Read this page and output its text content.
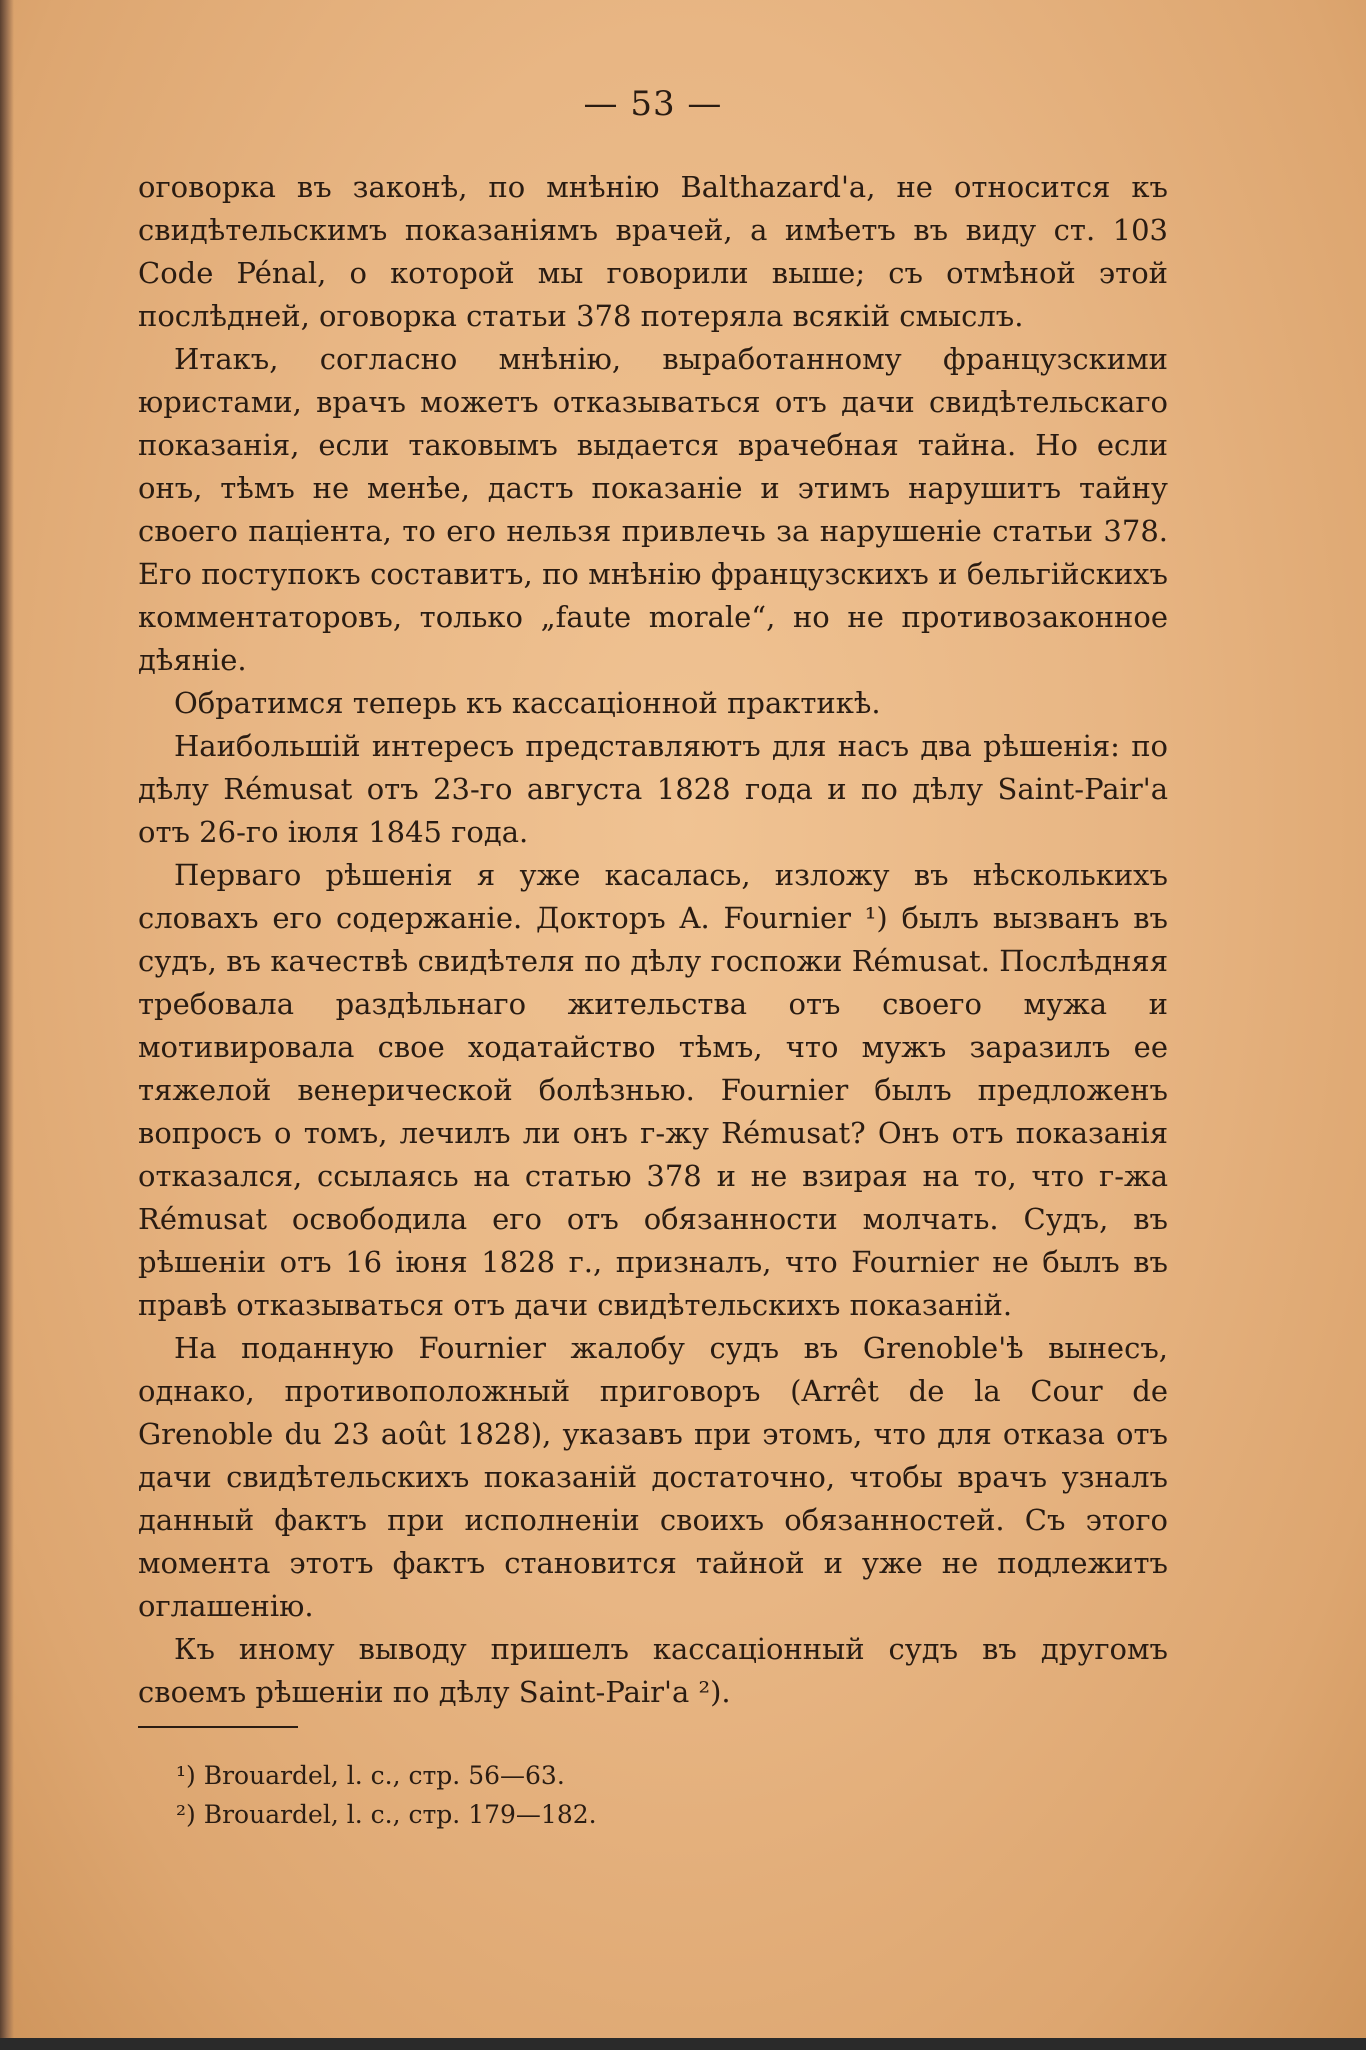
— 53 —

оговорка въ законѣ, по мнѣнію Balthazard'а, не относится къ свидѣтельскимъ показаніямъ врачей, а имѣетъ въ виду ст. 103 Code Pénal, о которой мы говорили выше; съ отмѣной этой послѣдней, оговорка статьи 378 потеряла всякій смыслъ.

Итакъ, согласно мнѣнію, выработанному французскими юристами, врачъ можетъ отказываться отъ дачи свидѣтельскаго показанія, если таковымъ выдается врачебная тайна. Но если онъ, тѣмъ не менѣе, дастъ показаніе и этимъ нарушитъ тайну своего паціента, то его нельзя привлечь за нарушеніе статьи 378. Его поступокъ составитъ, по мнѣнію французскихъ и бельгійскихъ комментаторовъ, только „faute morale“, но не противозаконное дѣяніе.

Обратимся теперь къ кассаціонной практикѣ.

Наибольшій интересъ представляютъ для насъ два рѣшенія: по дѣлу Rémusat отъ 23-го августа 1828 года и по дѣлу Saint-Pair'а отъ 26-го іюля 1845 года.

Перваго рѣшенія я уже касалась, изложу въ нѣсколькихъ словахъ его содержаніе. Докторъ A. Fournier ¹) былъ вызванъ въ судъ, въ качествѣ свидѣтеля по дѣлу госпожи Rémusat. Послѣдняя требовала раздѣльнаго жительства отъ своего мужа и мотивировала свое ходатайство тѣмъ, что мужъ заразилъ ее тяжелой венерической болѣзнью. Fournier былъ предложенъ вопросъ о томъ, лечилъ ли онъ г-жу Rémusat? Онъ отъ показанія отказался, ссылаясь на статью 378 и не взирая на то, что г-жа Rémusat освободила его отъ обязанности молчать. Судъ, въ рѣшеніи отъ 16 іюня 1828 г., призналъ, что Fournier не былъ въ правѣ отказываться отъ дачи свидѣтельскихъ показаній.

На поданную Fournier жалобу судъ въ Grenoble'ѣ вынесъ, однако, противоположный приговоръ (Arrêt de la Cour de Grenoble du 23 août 1828), указавъ при этомъ, что для отказа отъ дачи свидѣтельскихъ показаній достаточно, чтобы врачъ узналъ данный фактъ при исполненіи своихъ обязанностей. Съ этого момента этотъ фактъ становится тайной и уже не подлежитъ оглашенію.

Къ иному выводу пришелъ кассаціонный судъ въ другомъ своемъ рѣшеніи по дѣлу Saint-Pair'а ²).

¹) Brouardel, l. c., стр. 56—63.

²) Brouardel, l. c., стр. 179—182.
